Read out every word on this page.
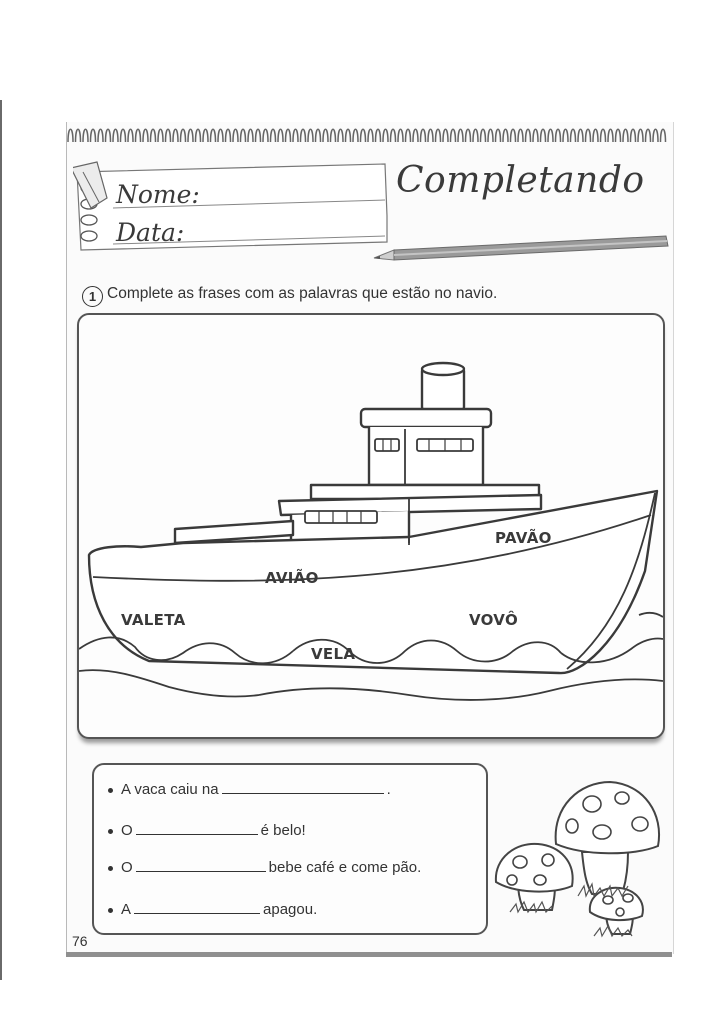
Nome:
Data:
Completando
1 Complete as frases com as palavras que estão no navio.
PAVÃO
AVIÃO
VALETA	VOVÔ
VELA
A vaca caiu na	.
O	é belo!
O	bebe café e come pão.
A	apagou.
76
